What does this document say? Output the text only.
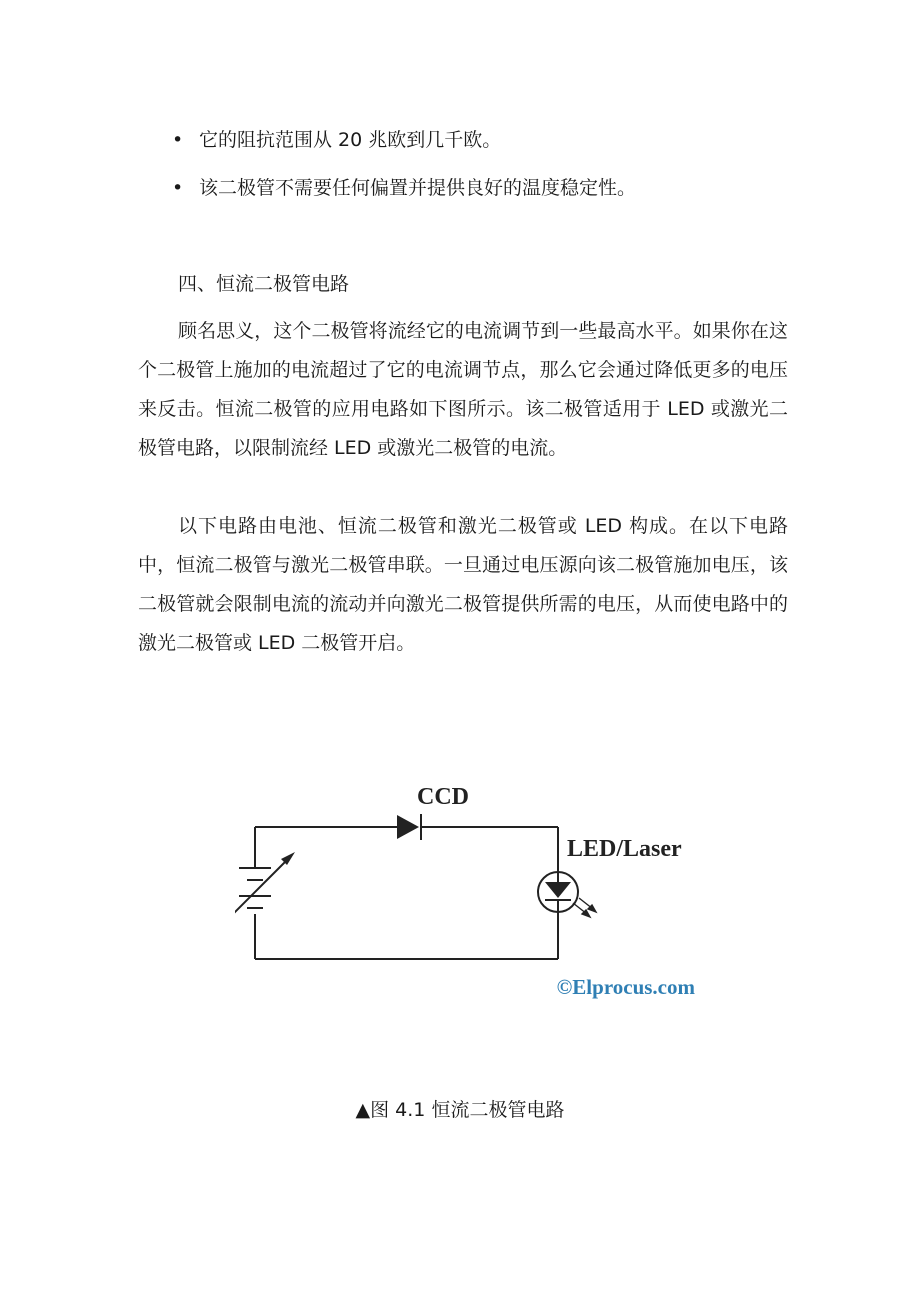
• 它的阻抗范围从 20 兆欧到几千欧。
• 该二极管不需要任何偏置并提供良好的温度稳定性。
四、恒流二极管电路

顾名思义，这个二极管将流经它的电流调节到一些最高水平。如果你在这个二极管上施加的电流超过了它的电流调节点，那么它会通过降低更多的电压来反击。恒流二极管的应用电路如下图所示。该二极管适用于 LED 或激光二极管电路，以限制流经 LED 或激光二极管的电流。

以下电路由电池、恒流二极管和激光二极管或 LED 构成。在以下电路中，恒流二极管与激光二极管串联。一旦通过电压源向该二极管施加电压，该二极管就会限制电流的流动并向激光二极管提供所需的电压，从而使电路中的激光二极管或 LED 二极管开启。

CCD
LED/Laser
©Elprocus.com

▲图 4.1 恒流二极管电路
